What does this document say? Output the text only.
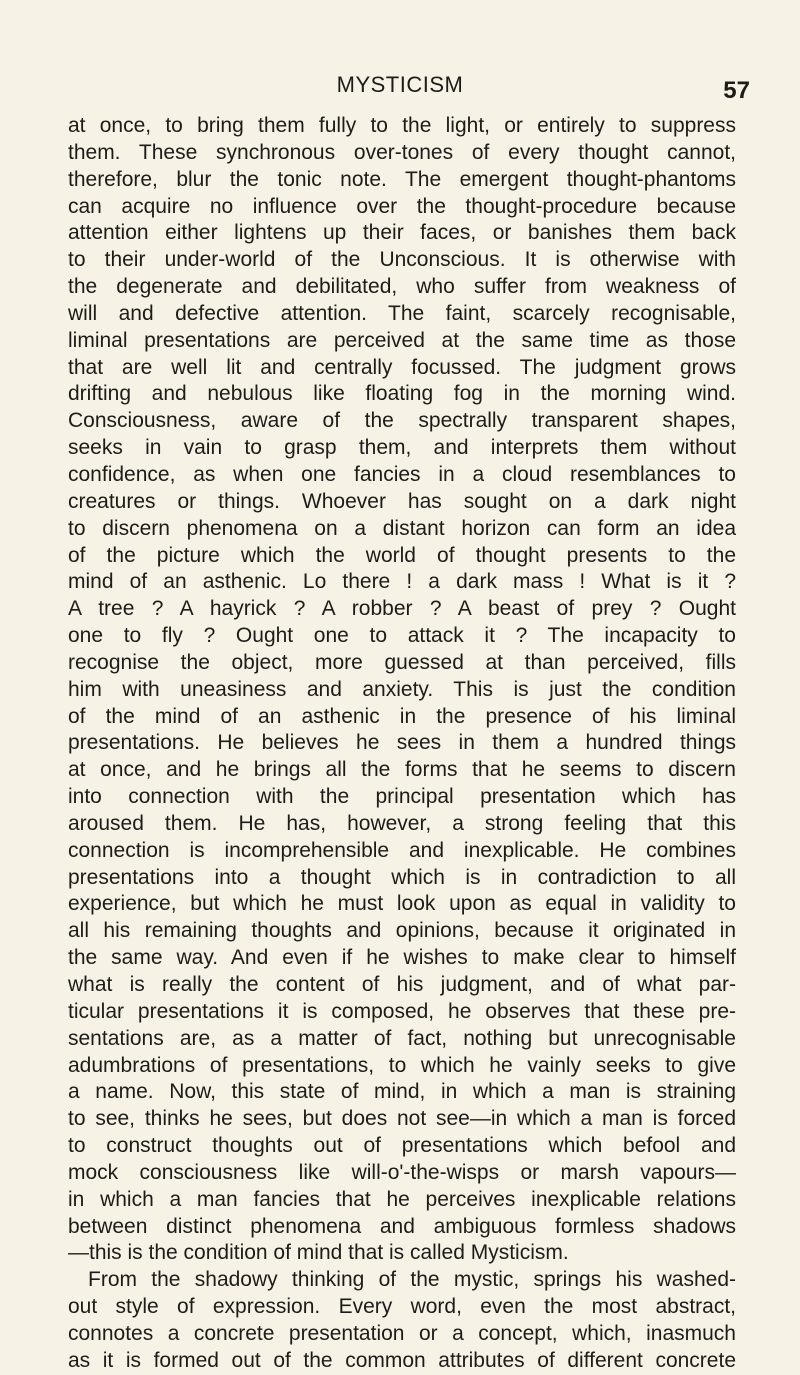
MYSTICISM	57
at once, to bring them fully to the light, or entirely to suppress
them. These synchronous over-tones of every thought cannot,
therefore, blur the tonic note. The emergent thought-phantoms
can acquire no influence over the thought-procedure because
attention either lightens up their faces, or banishes them back
to their under-world of the Unconscious. It is otherwise with
the degenerate and debilitated, who suffer from weakness of
will and defective attention. The faint, scarcely recognisable,
liminal presentations are perceived at the same time as those
that are well lit and centrally focussed. The judgment grows
drifting and nebulous like floating fog in the morning wind.
Consciousness, aware of the spectrally transparent shapes,
seeks in vain to grasp them, and interprets them without
confidence, as when one fancies in a cloud resemblances to
creatures or things. Whoever has sought on a dark night
to discern phenomena on a distant horizon can form an idea
of the picture which the world of thought presents to the
mind of an asthenic. Lo there ! a dark mass ! What is it ?
A tree ? A hayrick ? A robber ? A beast of prey ? Ought
one to fly ? Ought one to attack it ? The incapacity to
recognise the object, more guessed at than perceived, fills
him with uneasiness and anxiety. This is just the condition
of the mind of an asthenic in the presence of his liminal
presentations. He believes he sees in them a hundred things
at once, and he brings all the forms that he seems to discern
into connection with the principal presentation which has
aroused them. He has, however, a strong feeling that this
connection is incomprehensible and inexplicable. He combines
presentations into a thought which is in contradiction to all
experience, but which he must look upon as equal in validity to
all his remaining thoughts and opinions, because it originated in
the same way. And even if he wishes to make clear to himself
what is really the content of his judgment, and of what par-
ticular presentations it is composed, he observes that these pre-
sentations are, as a matter of fact, nothing but unrecognisable
adumbrations of presentations, to which he vainly seeks to give
a name. Now, this state of mind, in which a man is straining
to see, thinks he sees, but does not see—in which a man is forced
to construct thoughts out of presentations which befool and
mock consciousness like will-o'-the-wisps or marsh vapours—
in which a man fancies that he perceives inexplicable relations
between distinct phenomena and ambiguous formless shadows
—this is the condition of mind that is called Mysticism.
From the shadowy thinking of the mystic, springs his washed-
out style of expression. Every word, even the most abstract,
connotes a concrete presentation or a concept, which, inasmuch
as it is formed out of the common attributes of different concrete
